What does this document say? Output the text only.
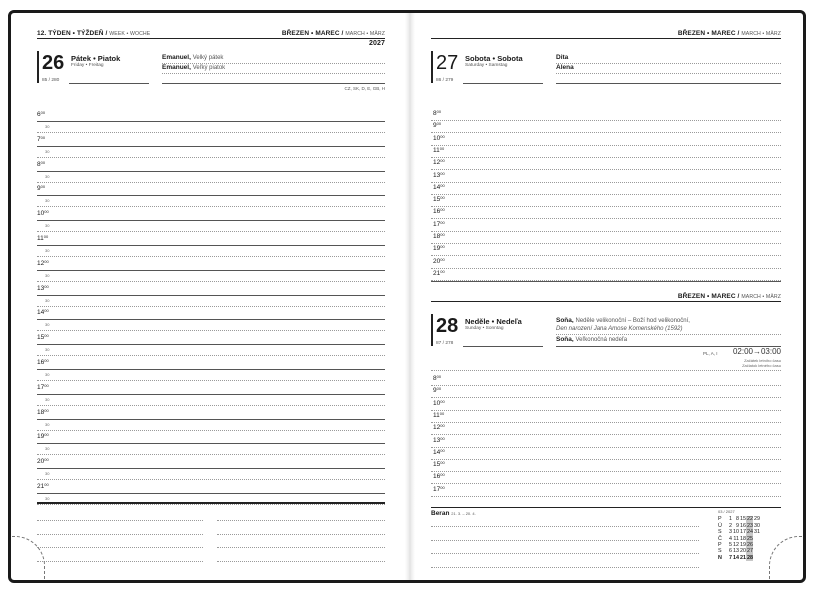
12. TÝDEN • TÝŽDEŇ / WEEK • WOCHE	BŘEZEN • MAREC / MARCH • MÄRZ
2027
26 Pátek • Piatok
Friday • Freitag
85 / 280
Emanuel, Velký pátek
Emanuel, Veľký piatok
CZ, SK, D, E, GB, H
$6^{00}$
30
$7^{00}$
30
$8^{00}$
30
$9^{00}$
30
$10^{00}$
30
$11^{00}$
30
$12^{00}$
30
$13^{00}$
30
$14^{00}$
30
$15^{00}$
30
$16^{00}$
30
$17^{00}$
30
$18^{00}$
30
$19^{00}$
30
$20^{00}$
30
$21^{00}$
30
BŘEZEN • MAREC / MARCH • MÄRZ
27 Sobota • Sobota
Saturday • Samstag
86 / 279
Dita
Alena
$8^{00}$
$9^{00}$
$10^{00}$
$11^{00}$
$12^{00}$
$13^{00}$
$14^{00}$
$15^{00}$
$16^{00}$
$17^{00}$
$18^{00}$
$19^{00}$
$20^{00}$
$21^{00}$
BŘEZEN • MAREC / MARCH • MÄRZ
28 Neděle • Nedeľa
Sunday • Sonntag
87 / 278
Soňa, Neděle velikonoční – Boží hod velikonoční,
Den narození Jana Amose Komenského (1592)
Soňa, Veľkonočná nedeľa
PL, A, I 02:00→03:00
Začátek letního času
Začiatok letného času
$8^{00}$
$9^{00}$
$10^{00}$
$11^{00}$
$12^{00}$
$13^{00}$
$14^{00}$
$15^{00}$
$16^{00}$
$17^{00}$
Beran 21. 3. – 20. 4.	03 / 2027
P	1 8 15 22 29
Ú	2 9 16 23 30
S	3 10 17 24 31
Č	4 11 18 25
P	5 12 19 26
S	6 13 20 27
N	7 14 21 28
